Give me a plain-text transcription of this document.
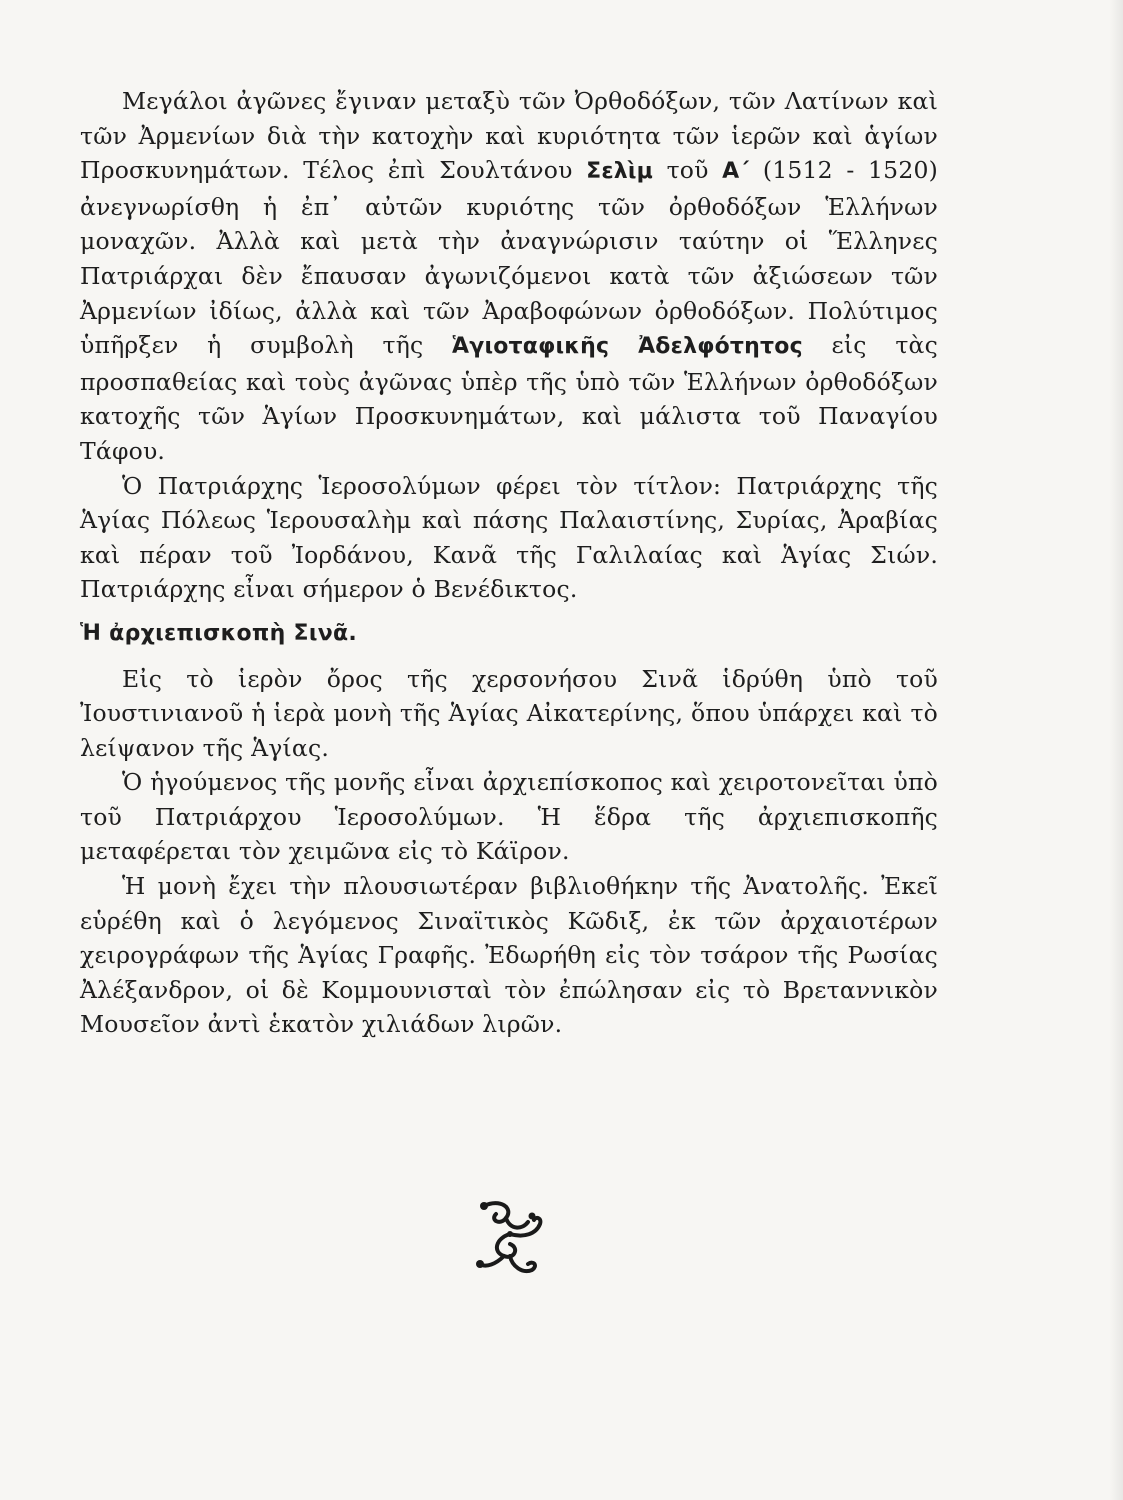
Μεγάλοι ἀγῶνες ἔγιναν μεταξὺ τῶν Ὀρθοδόξων, τῶν Λατίνων καὶ τῶν Ἀρμενίων διὰ τὴν κατοχὴν καὶ κυριότητα τῶν ἱερῶν καὶ ἁγίων Προσκυνημάτων. Τέλος ἐπὶ Σουλτάνου Σελὶμ τοῦ Α΄ (1512 - 1520) ἀνεγνωρίσθη ἡ ἐπ᾽ αὐτῶν κυριότης τῶν ὀρθοδόξων Ἑλλήνων μοναχῶν. Ἀλλὰ καὶ μετὰ τὴν ἀναγνώρισιν ταύτην οἱ Ἕλληνες Πατριάρχαι δὲν ἔπαυσαν ἀγωνιζόμενοι κατὰ τῶν ἀξιώσεων τῶν Ἀρμενίων ἰδίως, ἀλλὰ καὶ τῶν Ἀραβοφώνων ὀρθοδόξων. Πολύτιμος ὑπῆρξεν ἡ συμβολὴ τῆς Ἁγιοταφικῆς Ἀδελφότητος εἰς τὰς προσπαθείας καὶ τοὺς ἀγῶνας ὑπὲρ τῆς ὑπὸ τῶν Ἑλλήνων ὀρθοδόξων κατοχῆς τῶν Ἁγίων Προσκυνημάτων, καὶ μάλιστα τοῦ Παναγίου Τάφου.

Ὁ Πατριάρχης Ἱεροσολύμων φέρει τὸν τίτλον: Πατριάρχης τῆς Ἁγίας Πόλεως Ἱερουσαλὴμ καὶ πάσης Παλαιστίνης, Συρίας, Ἀραβίας καὶ πέραν τοῦ Ἰορδάνου, Κανᾶ τῆς Γαλιλαίας καὶ Ἁγίας Σιών. Πατριάρχης εἶναι σήμερον ὁ Βενέδικτος.

Ἡ ἀρχιεπισκοπὴ Σινᾶ.

Εἰς τὸ ἱερὸν ὄρος τῆς χερσονήσου Σινᾶ ἱδρύθη ὑπὸ τοῦ Ἰουστινιανοῦ ἡ ἱερὰ μονὴ τῆς Ἁγίας Αἰκατερίνης, ὅπου ὑπάρχει καὶ τὸ λείψανον τῆς Ἁγίας.

Ὁ ἡγούμενος τῆς μονῆς εἶναι ἀρχιεπίσκοπος καὶ χειροτονεῖται ὑπὸ τοῦ Πατριάρχου Ἱεροσολύμων. Ἡ ἕδρα τῆς ἀρχιεπισκοπῆς μεταφέρεται τὸν χειμῶνα εἰς τὸ Κάϊρον.

Ἡ μονὴ ἔχει τὴν πλουσιωτέραν βιβλιοθήκην τῆς Ἀνατολῆς. Ἐκεῖ εὑρέθη καὶ ὁ λεγόμενος Σιναϊτικὸς Κῶδιξ, ἐκ τῶν ἀρχαιοτέρων χειρογράφων τῆς Ἁγίας Γραφῆς. Ἐδωρήθη εἰς τὸν τσάρον τῆς Ρωσίας Ἀλέξανδρον, οἱ δὲ Κομμουνισταὶ τὸν ἐπώλησαν εἰς τὸ Βρεταννικὸν Μουσεῖον ἀντὶ ἑκατὸν χιλιάδων λιρῶν.
